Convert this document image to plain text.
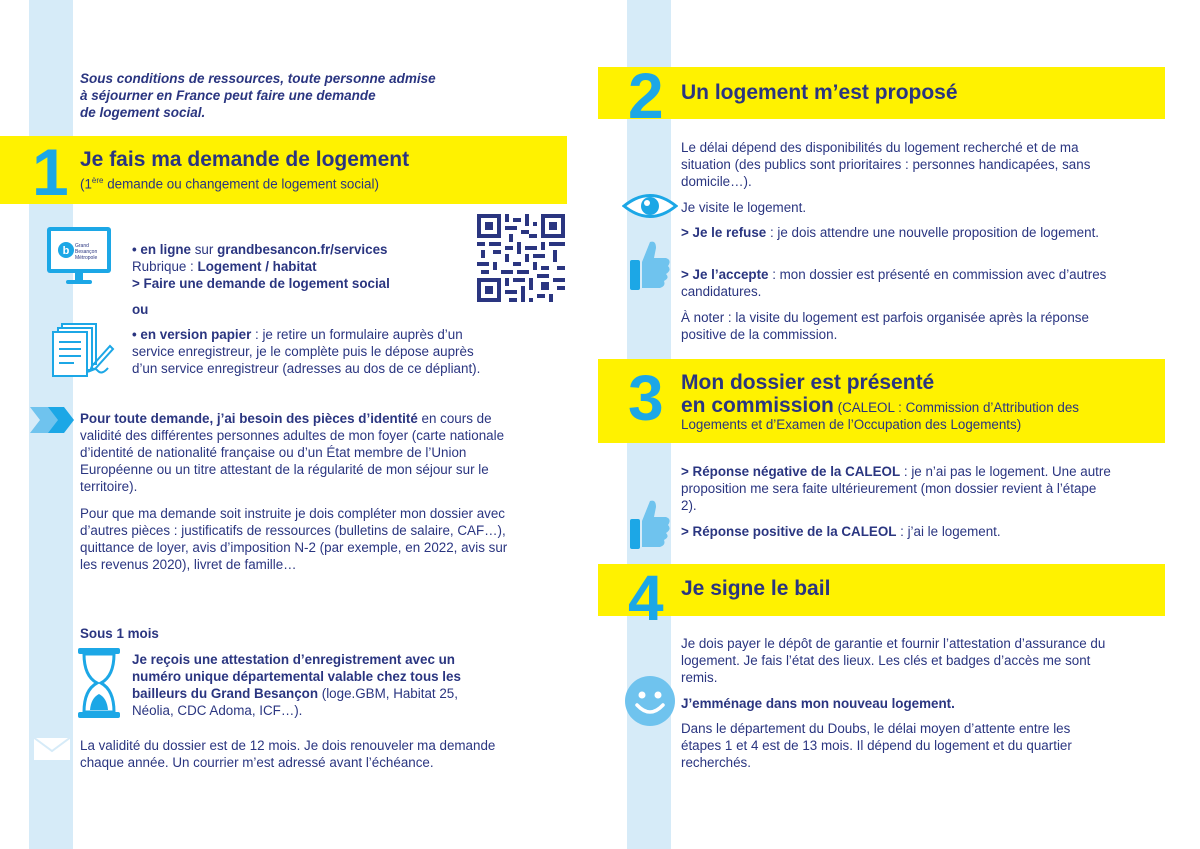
Sous conditions de ressources, toute personne admise

à séjourner en France peut faire une demande

de logement social.

1 Je fais ma demande de logement
(1ère demande ou changement de logement social)
b Grand Besançon Métropole

• en ligne sur grandbesancon.fr/services

Rubrique : Logement / habitat

> Faire une demande de logement social

ou
• en version papier : je retire un formulaire auprès d’un service enregistreur, je le complète puis le dépose auprès d’un service enregistreur (adresses au dos de ce dépliant).
Pour toute demande, j’ai besoin des pièces d’identité en cours de validité des différentes personnes adultes de mon foyer (carte nationale d’identité de nationalité française ou d’un État membre de l’Union Européenne ou un titre attestant de la régularité de mon séjour sur le territoire).
Pour que ma demande soit instruite je dois compléter mon dossier avec d’autres pièces : justificatifs de ressources (bulletins de salaire, CAF…), quittance de loyer, avis d’imposition N-2 (par exemple, en 2022, avis sur les revenus 2020), livret de famille…
Sous 1 mois
Je reçois une attestation d’enregistrement avec un numéro unique départemental valable chez tous les bailleurs du Grand Besançon (loge.GBM, Habitat 25, Néolia, CDC Adoma, ICF…).
La validité du dossier est de 12 mois. Je dois renouveler ma demande chaque année. Un courrier m’est adressé avant l’échéance.
2 Un logement m’est proposé
Le délai dépend des disponibilités du logement recherché et de ma situation (des publics sont prioritaires : personnes handicapées, sans domicile…).
Je visite le logement.
> Je le refuse : je dois attendre une nouvelle proposition de logement.
> Je l’accepte : mon dossier est présenté en commission avec d’autres candidatures.
À noter : la visite du logement est parfois organisée après la réponse positive de la commission.
3 Mon dossier est présenté
en commission (CALEOL : Commission d’Attribution des Logements et d’Examen de l’Occupation des Logements)
> Réponse négative de la CALEOL : je n’ai pas le logement. Une autre proposition me sera faite ultérieurement (mon dossier revient à l’étape 2).
> Réponse positive de la CALEOL : j’ai le logement.
4 Je signe le bail
Je dois payer le dépôt de garantie et fournir l’attestation d’assurance du logement. Je fais l’état des lieux. Les clés et badges d’accès me sont remis.
J’emménage dans mon nouveau logement.
Dans le département du Doubs, le délai moyen d’attente entre les étapes 1 et 4 est de 13 mois. Il dépend du logement et du quartier recherchés.
